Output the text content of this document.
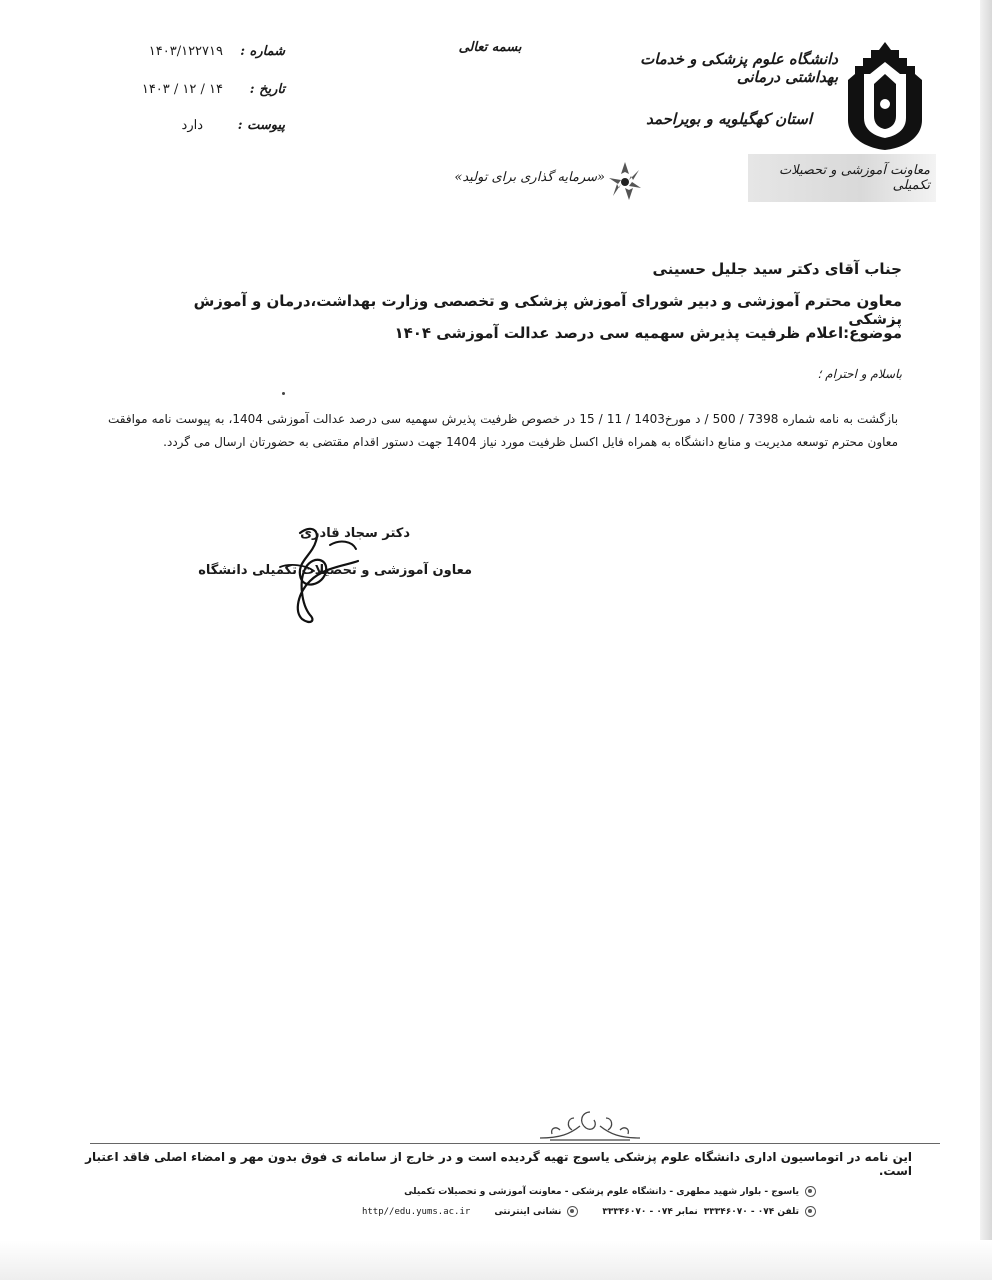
دانشگاه علوم پزشکی و خدمات بهداشتی درمانی
استان کهگیلویه و بویراحمد
معاونت آموزشی و تحصیلات تکمیلی
«سرمایه گذاری برای تولید»
بسمه تعالی
شماره :
۱۴۰۳/۱۲۲۷۱۹
تاریخ :
۱۴۰۳ / ۱۲ / ۱۴
پیوست :
دارد
جناب آقای دکتر سید جلیل حسینی
معاون محترم آموزشی و دبیر شورای آموزش پزشکی و تخصصی وزارت بهداشت،درمان و آموزش پزشکی
موضوع:اعلام ظرفیت پذیرش سهمیه سی درصد عدالت آموزشی ۱۴۰۴
باسلام و احترام ؛
بازگشت به نامه شماره 7398 / 500 / د مورخ1403 / 11 / 15 در خصوص ظرفیت پذیرش سهمیه سی درصد عدالت آموزشی 1404، به پیوست نامه موافقت معاون محترم توسعه مدیریت و منابع دانشگاه به همراه فایل اکسل ظرفیت مورد نیاز 1404 جهت دستور اقدام مقتضی به حضورتان ارسال می گردد.
دکتر سجاد قادری
معاون آموزشی و تحصیلات تکمیلی دانشگاه
این نامه در اتوماسیون اداری دانشگاه علوم پزشکی یاسوج تهیه گردیده است و در خارج از سامانه ی فوق بدون مهر و امضاء اصلی فاقد اعتبار است.
یاسوج - بلوار شهید مطهری - دانشگاه علوم پزشکی - معاونت آموزشی و تحصیلات تکمیلی
تلفن ۰۷۴ - ۳۳۳۴۶۰۷۰
نمابر ۰۷۴ - ۳۳۳۴۶۰۷۰
نشانی اینترنتی
http//edu.yums.ac.ir
